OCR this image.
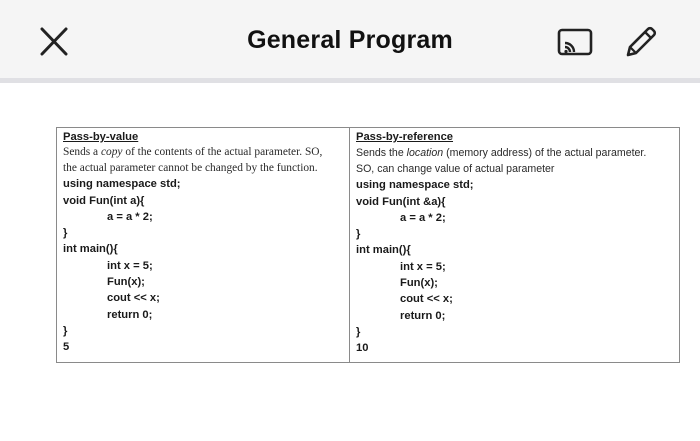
General Program
Pass-by-value
Sends a copy of the contents of the actual parameter. SO,
the actual parameter cannot be changed by the function.
using namespace std;
void Fun(int a){
a = a * 2;
}
int main(){
int x = 5;
Fun(x);
cout << x;
return 0;
}
5
Pass-by-reference
Sends the location (memory address) of the actual parameter.
SO, can change value of actual parameter
using namespace std;
void Fun(int &a){
a = a * 2;
}
int main(){
int x = 5;
Fun(x);
cout << x;
return 0;
}
10
